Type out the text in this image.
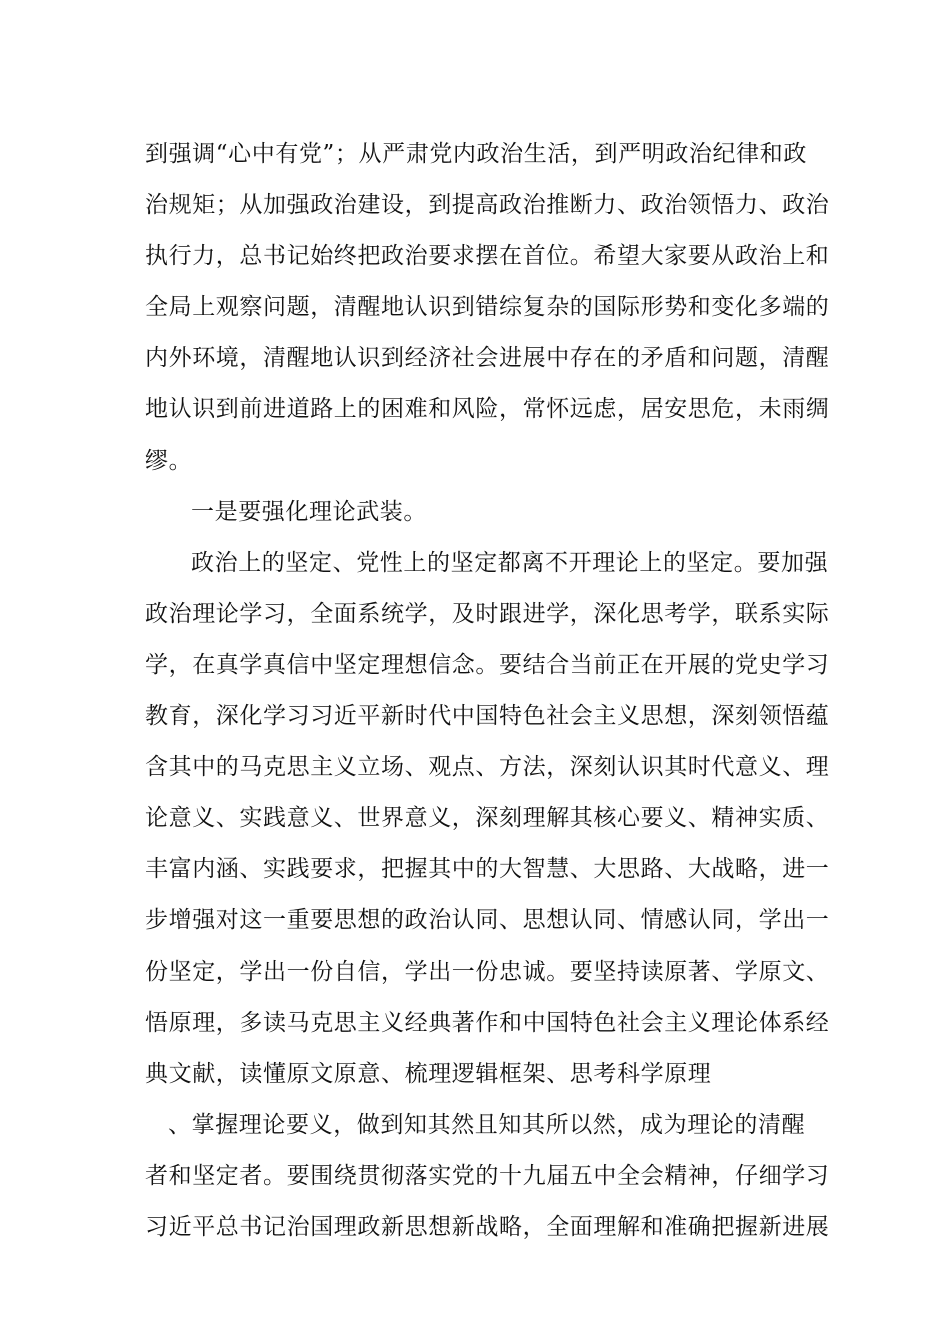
到强调“心中有党”；从严肃党内政治生活，到严明政治纪律和政
治规矩；从加强政治建设，到提高政治推断力、政治领悟力、政治
执行力，总书记始终把政治要求摆在首位。希望大家要从政治上和
全局上观察问题，清醒地认识到错综复杂的国际形势和变化多端的
内外环境，清醒地认识到经济社会进展中存在的矛盾和问题，清醒
地认识到前进道路上的困难和风险，常怀远虑，居安思危，未雨绸
缪。
一是要强化理论武装。
政治上的坚定、党性上的坚定都离不开理论上的坚定。要加强
政治理论学习，全面系统学，及时跟进学，深化思考学，联系实际
学，在真学真信中坚定理想信念。要结合当前正在开展的党史学习
教育，深化学习习近平新时代中国特色社会主义思想，深刻领悟蕴
含其中的马克思主义立场、观点、方法，深刻认识其时代意义、理
论意义、实践意义、世界意义，深刻理解其核心要义、精神实质、
丰富内涵、实践要求，把握其中的大智慧、大思路、大战略，进一
步增强对这一重要思想的政治认同、思想认同、情感认同，学出一
份坚定，学出一份自信，学出一份忠诚。要坚持读原著、学原文、
悟原理，多读马克思主义经典著作和中国特色社会主义理论体系经
典文献，读懂原文原意、梳理逻辑框架、思考科学原理
、掌握理论要义，做到知其然且知其所以然，成为理论的清醒
者和坚定者。要围绕贯彻落实党的十九届五中全会精神，仔细学习
习近平总书记治国理政新思想新战略，全面理解和准确把握新进展
